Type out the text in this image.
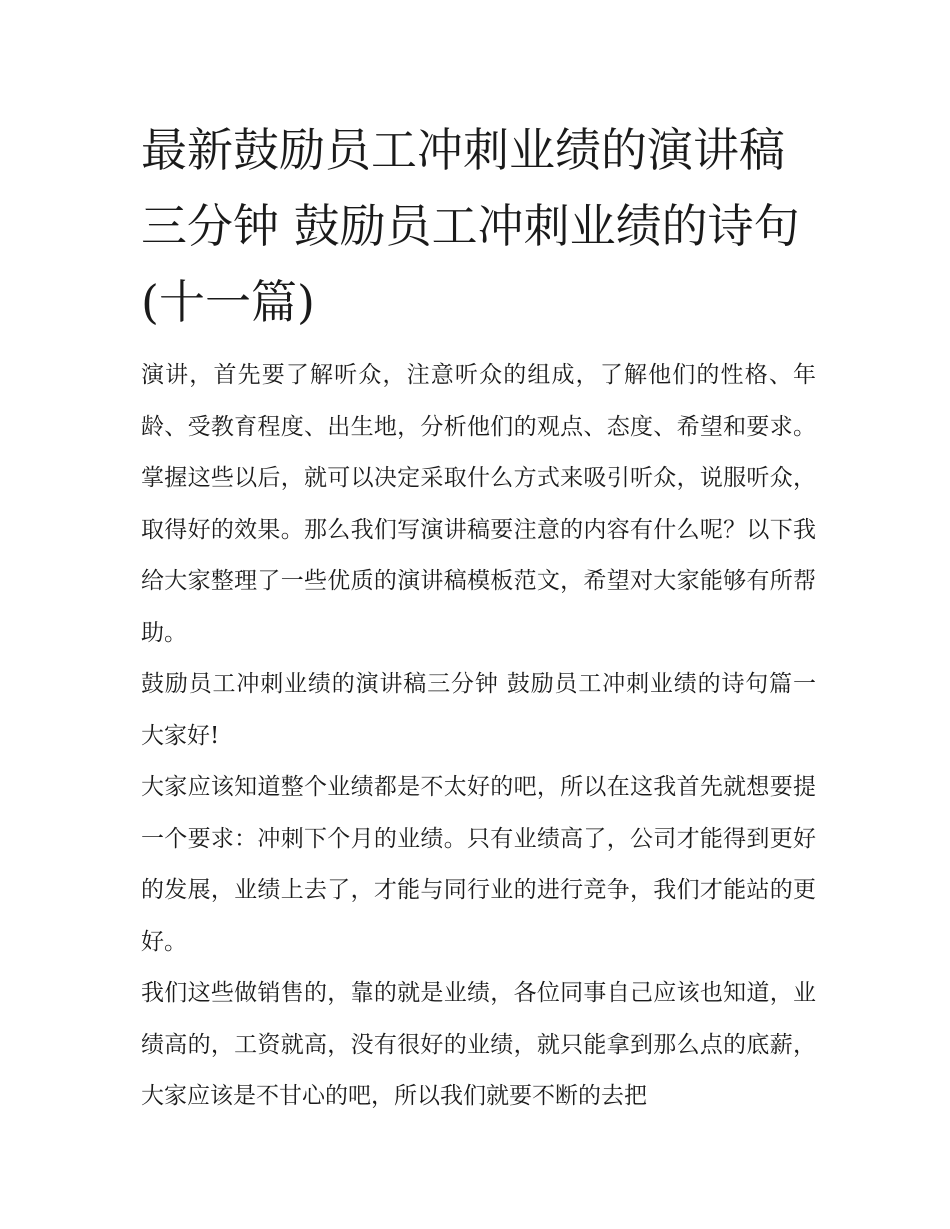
最新鼓励员工冲刺业绩的演讲稿三分钟 鼓励员工冲刺业绩的诗句(十一篇)

演讲，首先要了解听众，注意听众的组成，了解他们的性格、年龄、受教育程度、出生地，分析他们的观点、态度、希望和要求。掌握这些以后，就可以决定采取什么方式来吸引听众，说服听众，取得好的效果。那么我们写演讲稿要注意的内容有什么呢？以下我给大家整理了一些优质的演讲稿模板范文，希望对大家能够有所帮助。

鼓励员工冲刺业绩的演讲稿三分钟 鼓励员工冲刺业绩的诗句篇一 大家好!

大家应该知道整个业绩都是不太好的吧，所以在这我首先就想要提一个要求：冲刺下个月的业绩。只有业绩高了，公司才能得到更好的发展，业绩上去了，才能与同行业的进行竞争，我们才能站的更好。

我们这些做销售的，靠的就是业绩，各位同事自己应该也知道，业绩高的，工资就高，没有很好的业绩，就只能拿到那么点的底薪，大家应该是不甘心的吧，所以我们就要不断的去把
